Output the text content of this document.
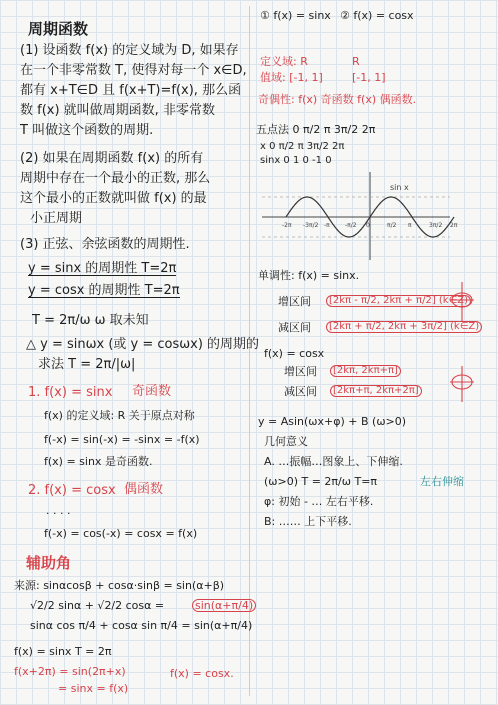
周期函数
(1) 设函数 f(x) 的定义域为 D, 如果存
在一个非零常数 T, 使得对每一个 x∈D,
都有 x+T∈D 且 f(x+T)=f(x), 那么函
数 f(x) 就叫做周期函数, 非零常数
T 叫做这个函数的周期.
(2) 如果在周期函数 f(x) 的所有
周期中存在一个最小的正数, 那么
这个最小的正数就叫做 f(x) 的最
小正周期
(3) 正弦、余弦函数的周期性.
y = sinx 的周期性 T=2π
y = cosx 的周期性 T=2π
T = 2π/ω ω 取未知
△ y = sinωx (或 y = cosωx) 的周期的
求法 T = 2π/|ω|
1. f(x) = sinx 奇函数
f(x) 的定义域: R 关于原点对称
f(-x) = sin(-x) = -sinx = -f(x)
f(x) = sinx 是奇函数.
2. f(x) = cosx 偶函数
· · · ·
f(-x) = cos(-x) = cosx = f(x)
辅助角
来源: sinαcosβ + cosα·sinβ = sin(α+β)
√2/2 sinα + √2/2 cosα =	sin(α+π/4)
sinα cos π/4 + cosα sin π/4 = sin(α+π/4)
f(x) = sinx T = 2π
f(x+2π) = sin(2π+x)
= sinx = f(x)
f(x) = cosx.
① f(x) = sinx ② f(x) = cosx
定义域: R	R
值域: [-1, 1]	[-1, 1]
奇偶性: f(x) 奇函数 f(x) 偶函数.
五点法 0 π/2 π 3π/2 2π
x 0 π/2 π 3π/2 2π
sinx 0 1 0 -1 0
sin x
-2π -3π/2 -π	-π/2 0	π/2 π	3π/2 2π
单调性: f(x) = sinx.
增区间	[2kπ - π/2, 2kπ + π/2] (k∈Z)
减区间	[2kπ + π/2, 2kπ + 3π/2] (k∈Z)
f(x) = cosx
增区间	[2kπ, 2kπ+π]
减区间	[2kπ+π, 2kπ+2π]
y = Asin(ωx+φ) + B (ω>0)
几何意义
A. …振幅…图象上、下伸缩.
(ω>0) T = 2π/ω T=π	左右伸缩
φ: 初始 - … 左右平移.
B: …… 上下平移.
